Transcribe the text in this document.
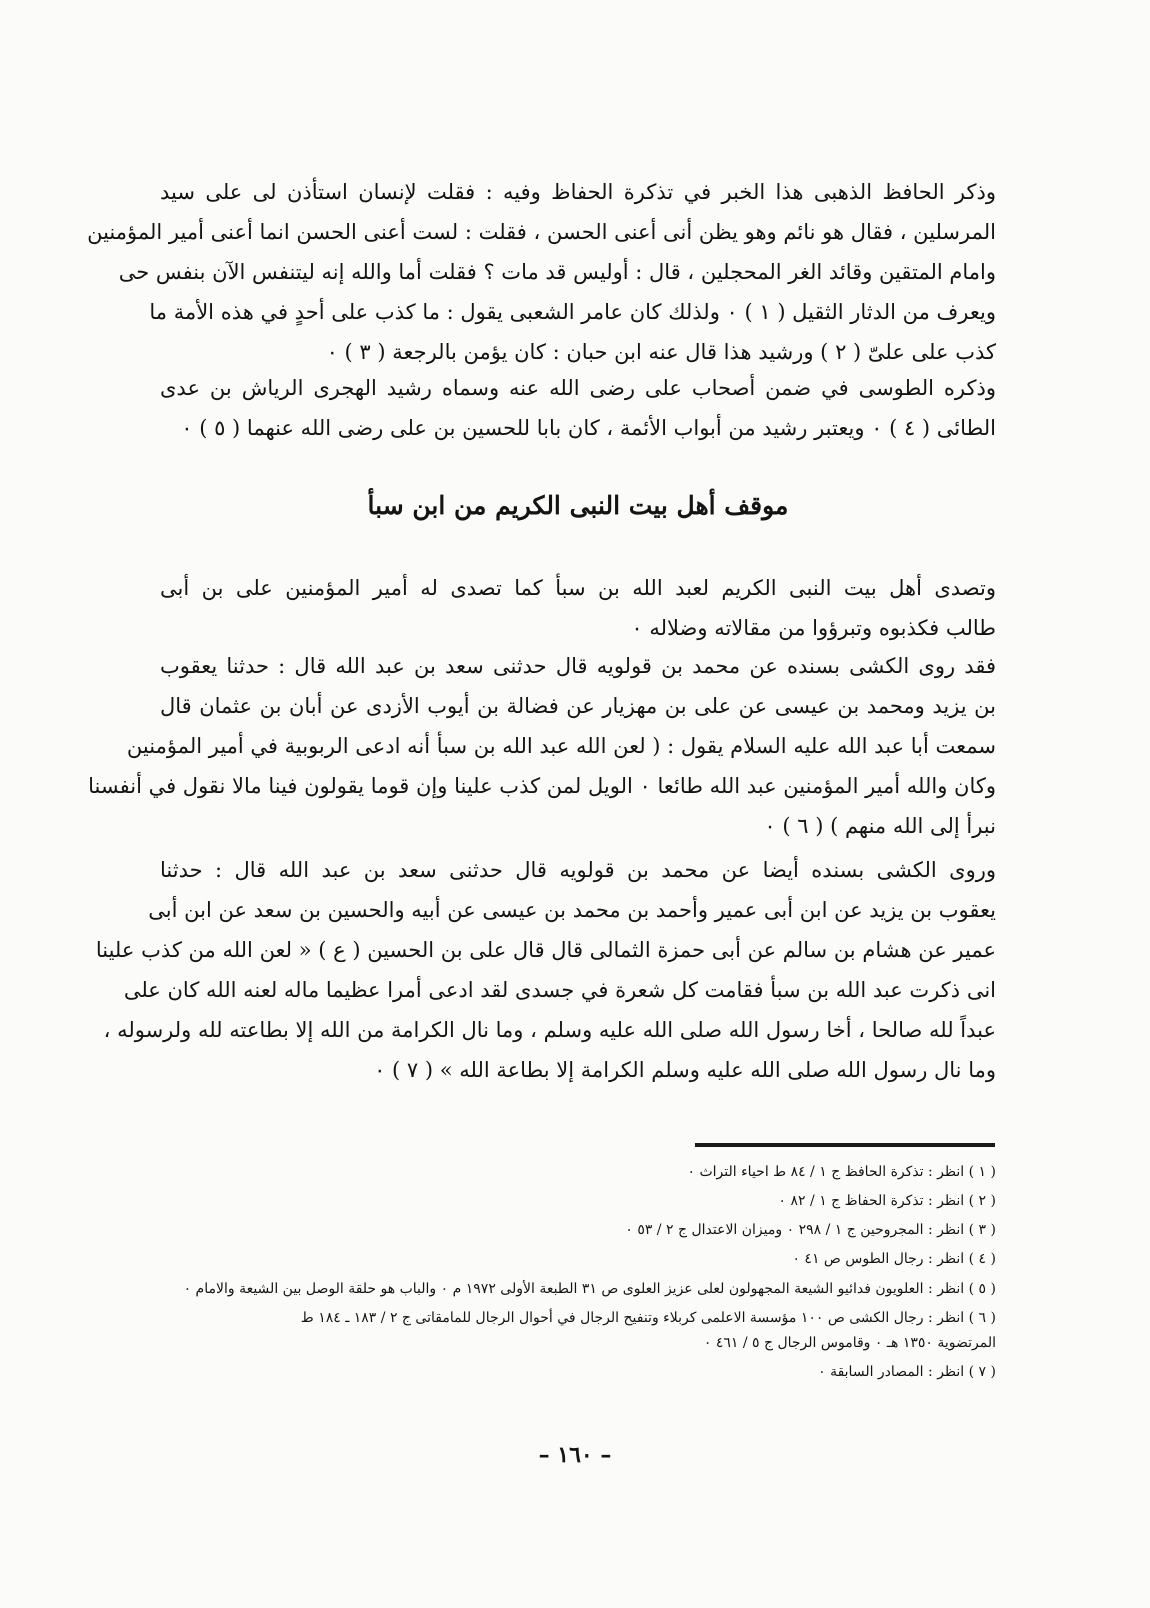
وذكر الحافظ الذهبى هذا الخبر في تذكرة الحفاظ وفيه : فقلت لإنسان استأذن لى على سيد
المرسلين ، فقال هو نائم وهو يظن أنى أعنى الحسن ، فقلت : لست أعنى الحسن انما أعنى أمير المؤمنين
وامام المتقين وقائد الغر المحجلين ، قال : أوليس قد مات ؟ فقلت أما والله إنه ليتنفس الآن بنفس حى
ويعرف من الدثار الثقيل ( ١ ) ٠ ولذلك كان عامر الشعبى يقول : ما كذب على أحدٍ في هذه الأمة ما
كذب على علىّ ( ٢ ) ورشيد هذا قال عنه ابن حبان : كان يؤمن بالرجعة ( ٣ ) ٠
وذكره الطوسى في ضمن أصحاب على رضى الله عنه وسماه رشيد الهجرى الرياش بن عدى
الطائى ( ٤ ) ٠ ويعتبر رشيد من أبواب الأئمة ، كان بابا للحسين بن على رضى الله عنهما ( ٥ ) ٠
موقف أهل بيت النبى الكريم من ابن سبأ
وتصدى أهل بيت النبى الكريم لعبد الله بن سبأ كما تصدى له أمير المؤمنين على بن أبى
طالب فكذبوه وتبرؤوا من مقالاته وضلاله ٠
فقد روى الكشى بسنده عن محمد بن قولويه قال حدثنى سعد بن عبد الله قال : حدثنا يعقوب
بن يزيد ومحمد بن عيسى عن على بن مهزيار عن فضالة بن أيوب الأزدى عن أبان بن عثمان قال
سمعت أبا عبد الله عليه السلام يقول : ( لعن الله عبد الله بن سبأ أنه ادعى الربوبية في أمير المؤمنين
وكان والله أمير المؤمنين عبد الله طائعا ٠ الويل لمن كذب علينا وإن قوما يقولون فينا مالا نقول في أنفسنا
نبرأ إلى الله منهم ) ( ٦ ) ٠
وروى الكشى بسنده أيضا عن محمد بن قولويه قال حدثنى سعد بن عبد الله قال : حدثنا
يعقوب بن يزيد عن ابن أبى عمير وأحمد بن محمد بن عيسى عن أبيه والحسين بن سعد عن ابن أبى
عمير عن هشام بن سالم عن أبى حمزة الثمالى قال قال على بن الحسين ( ع ) « لعن الله من كذب علينا
انى ذكرت عبد الله بن سبأ فقامت كل شعرة في جسدى لقد ادعى أمرا عظيما ماله لعنه الله كان على
عبداً لله صالحا ، أخا رسول الله صلى الله عليه وسلم ، وما نال الكرامة من الله إلا بطاعته لله ولرسوله ،
وما نال رسول الله صلى الله عليه وسلم الكرامة إلا بطاعة الله » ( ٧ ) ٠
( ١ ) انظر : تذكرة الحافظ ج ١ / ٨٤ ط احياء التراث ٠
( ٢ ) انظر : تذكرة الحفاظ ج ١ / ٨٢ ٠
( ٣ ) انظر : المجروحين ج ١ / ٢٩٨ ٠ وميزان الاعتدال ج ٢ / ٥٣ ٠
( ٤ ) انظر : رجال الطوس ص ٤١ ٠
( ٥ ) انظر : العلويون فدائيو الشيعة المجهولون لعلى عزيز العلوى ص ٣١ الطبعة الأولى ١٩٧٢ م ٠ والباب هو حلقة الوصل بين الشيعة والامام ٠
( ٦ ) انظر : رجال الكشى ص ١٠٠ مؤسسة الاعلمى كربلاء وتنفيح الرجال في أحوال الرجال للمامقاتى ج ٢ / ١٨٣ ـ ١٨٤ ط
المرتضوية ١٣٥٠ هـ ٠ وقاموس الرجال ج ٥ / ٤٦١ ٠
( ٧ ) انظر : المصادر السابقة ٠
– ١٦٠ –
